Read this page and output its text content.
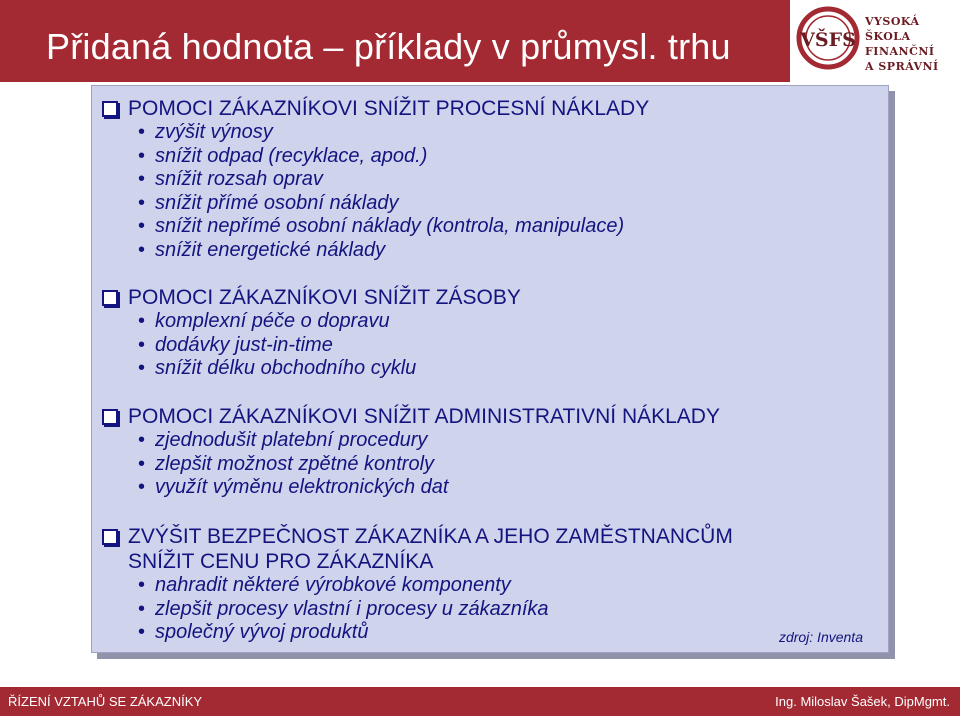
Přidaná hodnota – příklady v průmysl. trhu	VŠFS
VYSOKÁ ŠKOLA
FINANČNÍ
A SPRÁVNÍ
POMOCI ZÁKAZNÍKOVI SNÍŽIT PROCESNÍ NÁKLADY
• zvýšit výnosy
• snížit odpad (recyklace, apod.)
• snížit rozsah oprav
• snížit přímé osobní náklady
• snížit nepřímé osobní náklady (kontrola, manipulace)
• snížit energetické náklady
POMOCI ZÁKAZNÍKOVI SNÍŽIT ZÁSOBY
• komplexní péče o dopravu
• dodávky just-in-time
• snížit délku obchodního cyklu
POMOCI ZÁKAZNÍKOVI SNÍŽIT ADMINISTRATIVNÍ NÁKLADY
• zjednodušit platební procedury
• zlepšit možnost zpětné kontroly
• využít výměnu elektronických dat
ZVÝŠIT BEZPEČNOST ZÁKAZNÍKA A JEHO ZAMĚSTNANCŮM
SNÍŽIT CENU PRO ZÁKAZNÍKA
• nahradit některé výrobkové komponenty
• zlepšit procesy vlastní i procesy u zákazníka
• společný vývoj produktů	zdroj: Inventa
ŘÍZENÍ VZTAHŮ SE ZÁKAZNÍKY	Ing. Miloslav Šašek, DipMgmt.
